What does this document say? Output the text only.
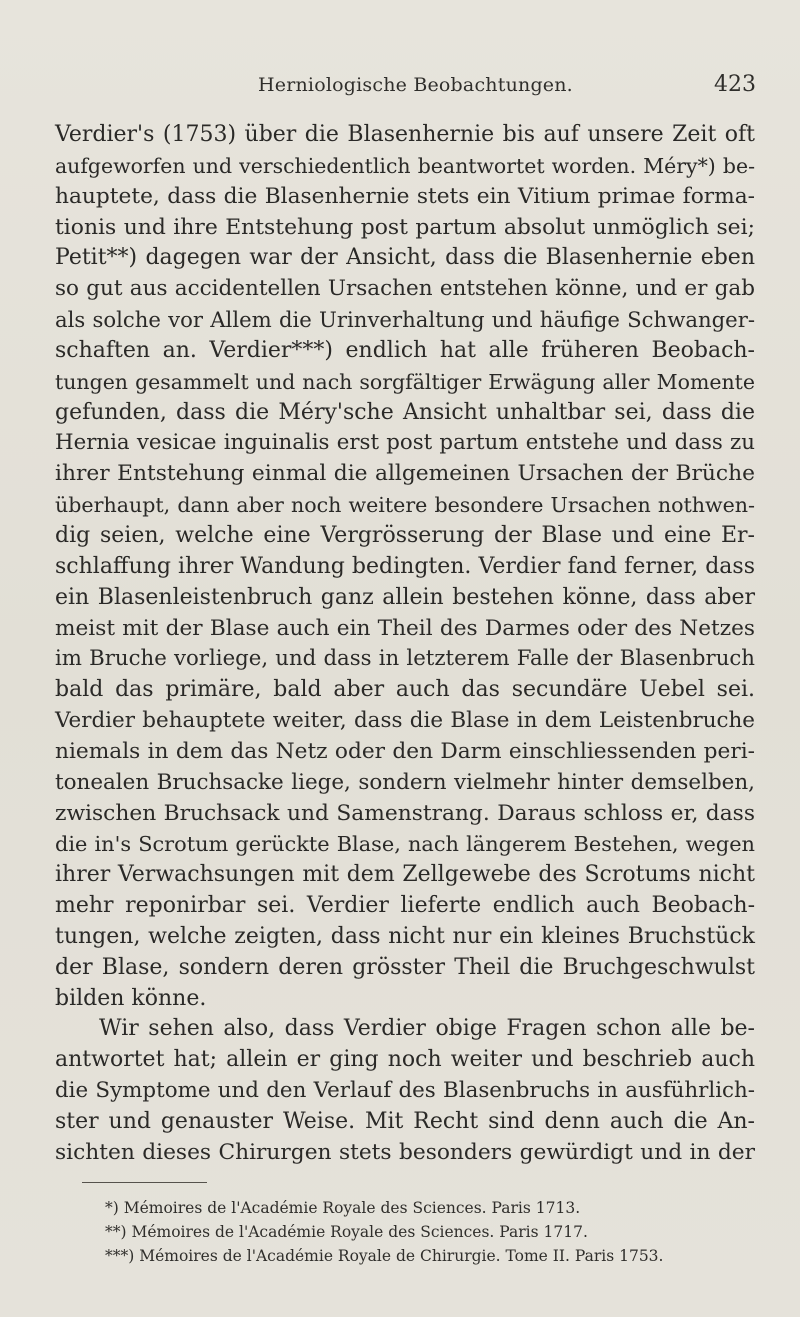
Herniologische Beobachtungen.	423
Verdier's (1753) über die Blasenhernie bis auf unsere Zeit oft
aufgeworfen und verschiedentlich beantwortet worden. Méry*) be-
hauptete, dass die Blasenhernie stets ein Vitium primae forma-
tionis und ihre Entstehung post partum absolut unmöglich sei;
Petit**) dagegen war der Ansicht, dass die Blasenhernie eben
so gut aus accidentellen Ursachen entstehen könne, und er gab
als solche vor Allem die Urinverhaltung und häufige Schwanger-
schaften an. Verdier***) endlich hat alle früheren Beobach-
tungen gesammelt und nach sorgfältiger Erwägung aller Momente
gefunden, dass die Méry'sche Ansicht unhaltbar sei, dass die
Hernia vesicae inguinalis erst post partum entstehe und dass zu
ihrer Entstehung einmal die allgemeinen Ursachen der Brüche
überhaupt, dann aber noch weitere besondere Ursachen nothwen-
dig seien, welche eine Vergrösserung der Blase und eine Er-
schlaffung ihrer Wandung bedingten. Verdier fand ferner, dass
ein Blasenleistenbruch ganz allein bestehen könne, dass aber
meist mit der Blase auch ein Theil des Darmes oder des Netzes
im Bruche vorliege, und dass in letzterem Falle der Blasenbruch
bald das primäre, bald aber auch das secundäre Uebel sei.
Verdier behauptete weiter, dass die Blase in dem Leistenbruche
niemals in dem das Netz oder den Darm einschliessenden peri-
tonealen Bruchsacke liege, sondern vielmehr hinter demselben,
zwischen Bruchsack und Samenstrang. Daraus schloss er, dass
die in's Scrotum gerückte Blase, nach längerem Bestehen, wegen
ihrer Verwachsungen mit dem Zellgewebe des Scrotums nicht
mehr reponirbar sei. Verdier lieferte endlich auch Beobach-
tungen, welche zeigten, dass nicht nur ein kleines Bruchstück
der Blase, sondern deren grösster Theil die Bruchgeschwulst
bilden könne.
Wir sehen also, dass Verdier obige Fragen schon alle be-
antwortet hat; allein er ging noch weiter und beschrieb auch
die Symptome und den Verlauf des Blasenbruchs in ausführlich-
ster und genauster Weise. Mit Recht sind denn auch die An-
sichten dieses Chirurgen stets besonders gewürdigt und in der
*) Mémoires de l'Académie Royale des Sciences. Paris 1713.
**) Mémoires de l'Académie Royale des Sciences. Paris 1717.
***) Mémoires de l'Académie Royale de Chirurgie. Tome II. Paris 1753.
